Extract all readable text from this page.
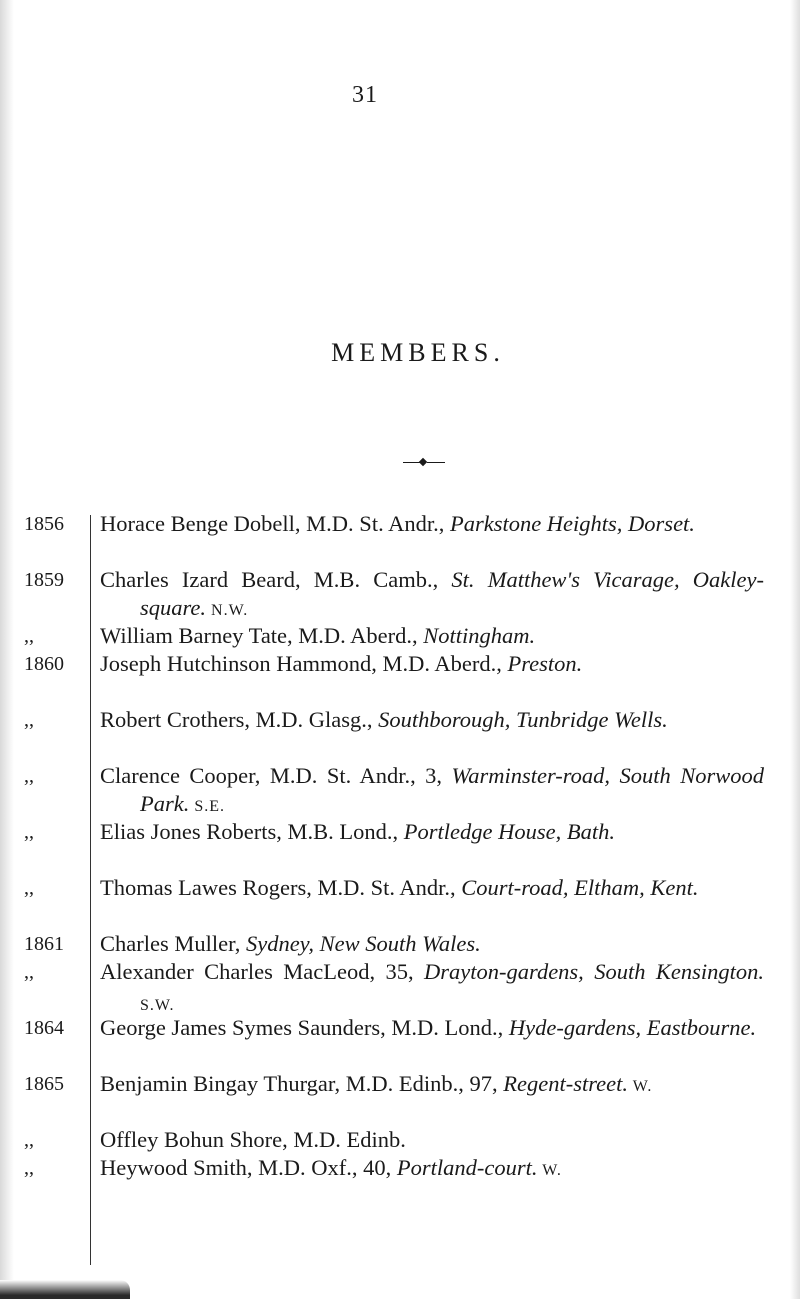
31
MEMBERS.
1856	Horace Benge Dobell, M.D. St. Andr., Parkstone Heights, Dorset.
1859	Charles Izard Beard, M.B. Camb., St. Matthew's Vicarage, Oakley-square. N.W.
,,	William Barney Tate, M.D. Aberd., Nottingham.
1860	Joseph Hutchinson Hammond, M.D. Aberd., Preston.
,,	Robert Crothers, M.D. Glasg., Southborough, Tunbridge Wells.
,,	Clarence Cooper, M.D. St. Andr., 3, Warminster-road, South Norwood Park. S.E.
,,	Elias Jones Roberts, M.B. Lond., Portledge House, Bath.
,,	Thomas Lawes Rogers, M.D. St. Andr., Court-road, Eltham, Kent.
1861	Charles Muller, Sydney, New South Wales.
,,	Alexander Charles MacLeod, 35, Drayton-gardens, South Kensington. S.W.
1864	George James Symes Saunders, M.D. Lond., Hyde-gardens, Eastbourne.
1865	Benjamin Bingay Thurgar, M.D. Edinb., 97, Regent-street. W.
,,	Offley Bohun Shore, M.D. Edinb.
,,	Heywood Smith, M.D. Oxf., 40, Portland-court. W.
